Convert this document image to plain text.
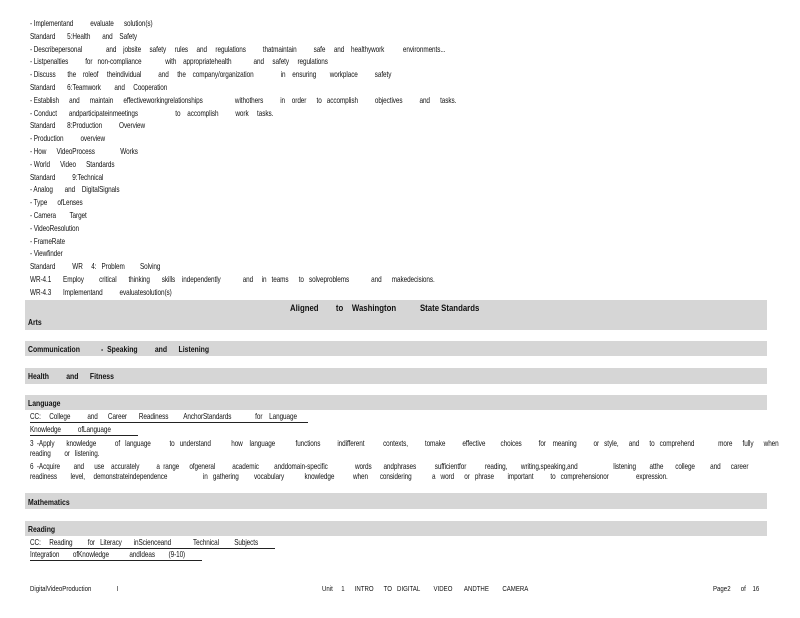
- Implementand          evaluate      solution(s)
Standard       5:Health       and    Safety
- Describepersonal              and    jobsite     safety     rules     and     regulations          thatmaintain          safe     and    healthywork           environments...
- Listpenalties          for   non-compliance              with    appropriatehealth             and     safety     regulations
- Discuss       the    roleof     theindividual          and     the    company/organization                in    ensuring        workplace          safety
Standard       6:Teamwork        and     Cooperation
- Establish      and      maintain      effectiveworkingrelationships                   withothers          in    order      to   accomplish          objectives          and      tasks.
- Conduct       andparticipateinmeetings                      to    accomplish          work     tasks.
Standard       8:Production          Overview
- Production          overview
- How      VideoProcess               Works
- World      Video      Standards
Standard          9:Technical
- Analog       and    DigitalSignals
- Type      ofLenses
- Camera        Target
- VideoResolution
- FrameRate
- Viewfinder
Standard          WR     4:   Problem         Solving
WR-4.1       Employ         critical       thinking       skills    independently             and     in   teams      to   solveproblems             and      makedecisions.
WR-4.3       Implementand          evaluatesolution(s)
Aligned        to    Washington           State Standards
Arts
Communication           -  Speaking         and      Listening
Health         and      Fitness
Language
CC:     College          and      Career       Readiness         AnchorStandards              for    Language
Knowledge          ofLanguage
3  -Apply       knowledge           of   language           to   understand            how    language            functions          indifferent           contexts,          tomake          effective         choices          for    meaning          or   style,      and      to   comprehend              more      fully      when
reading        or   listening.
6  -Acquire        and      use    accurately          a  range      ofgeneral          academic         anddomain-specific                words       andphrases           sufficientfor           reading,        writing,speaking,and                     listening        atthe       college         and      career
readiness        level,     demonstrateindependence                     in   gathering         vocabulary            knowledge           when       considering            a   word      or   phrase        important          to   comprehensionor                expression.
Mathematics
Reading
CC:     Reading         for   Literacy       inScienceand             Technical         Subjects
Integration        ofKnowledge            andIdeas        (9-10)
DigitalVideoProduction               I	Unit     1      INTRO      TO   DIGITAL        VIDEO       ANDTHE        CAMERA	Page2      of    16
